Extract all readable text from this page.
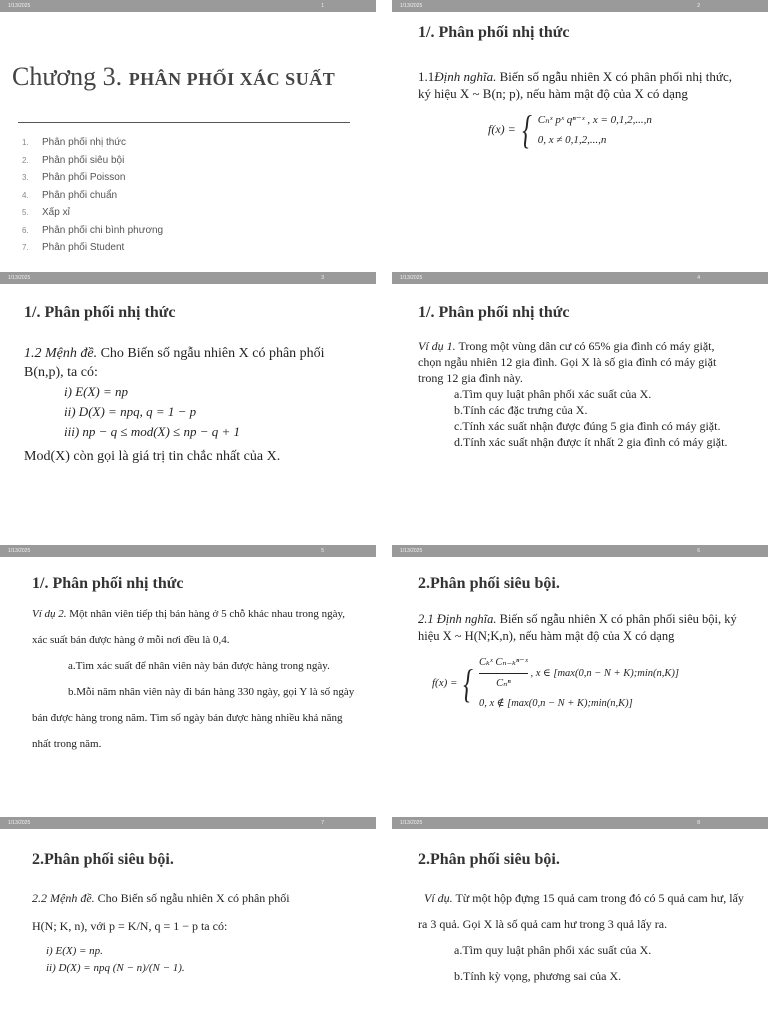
1/13/2025	1
Chương 3. PHÂN PHỐI XÁC SUẤT
1. Phân phối nhị thức
2. Phân phối siêu bội
3. Phân phối Poisson
4. Phân phối chuẩn
5. Xấp xỉ
6. Phân phối chi bình phương
7. Phân phối Student
1/13/2025	2
1/. Phân phối nhị thức

1.1Định nghĩa. Biến số ngẫu nhiên X có phân phối nhị thức, ký hiệu X ~ B(n; p), nếu hàm mật độ của X có dạng

f(x) = { Cₙˣ pˣ qⁿ⁻ˣ , x = 0,1,2,...,n
0, x ≠ 0,1,2,...,n
1/13/2025	3
1/. Phân phối nhị thức

1.2 Mệnh đề. Cho Biến số ngẫu nhiên X có phân phối B(n,p), ta có:

i) E(X) = np

ii) D(X) = npq, q = 1 − p

iii) np − q ≤ mod(X) ≤ np − q + 1

Mod(X) còn gọi là giá trị tin chắc nhất của X.

1/13/2025	4
1/. Phân phối nhị thức

Ví dụ 1. Trong một vùng dân cư có 65% gia đình có máy giặt, chọn ngẫu nhiên 12 gia đình. Gọi X là số gia đình có máy giặt trong 12 gia đình này.

a.Tìm quy luật phân phối xác suất của X.

b.Tính các đặc trưng của X.

c.Tính xác suất nhận được đúng 5 gia đình có máy giặt.

d.Tính xác suất nhận được ít nhất 2 gia đình có máy giặt.

1/13/2025	5
1/. Phân phối nhị thức

Ví dụ 2. Một nhân viên tiếp thị bán hàng ở 5 chỗ khác nhau trong ngày, xác suất bán được hàng ở mỗi nơi đều là 0,4.

a.Tìm xác suất để nhân viên này bán được hàng trong ngày.

b.Mỗi năm nhân viên này đi bán hàng 330 ngày, gọi Y là số ngày bán được hàng trong năm. Tìm số ngày bán được hàng nhiều khả năng nhất trong năm.

1/13/2025	6
2.Phân phối siêu bội.

2.1 Định nghĩa. Biến số ngẫu nhiên X có phân phối siêu bội, ký hiệu X ~ H(N;K,n), nếu hàm mật độ của X có dạng

f(x) = { Cₖˣ Cₙ₋ₖⁿ⁻ˣ
Cₙⁿ
, x ∈ [max(0,n − N + K);min(n,K)]
0, x ∉ [max(0,n − N + K);min(n,K)]
1/13/2025	7
2.Phân phối siêu bội.

2.2 Mệnh đề. Cho Biến số ngẫu nhiên X có phân phối

H(N; K, n), với p = K/N, q = 1 − p ta có:

i) E(X) = np.

ii) D(X) = npq (N − n)/(N − 1).

1/13/2025	8
2.Phân phối siêu bội.

Ví dụ. Từ một hộp đựng 15 quả cam trong đó có 5 quả cam hư, lấy ra 3 quả. Gọi X là số quả cam hư trong 3 quả lấy ra.

a.Tìm quy luật phân phối xác suất của X.

b.Tính kỳ vọng, phương sai của X.
